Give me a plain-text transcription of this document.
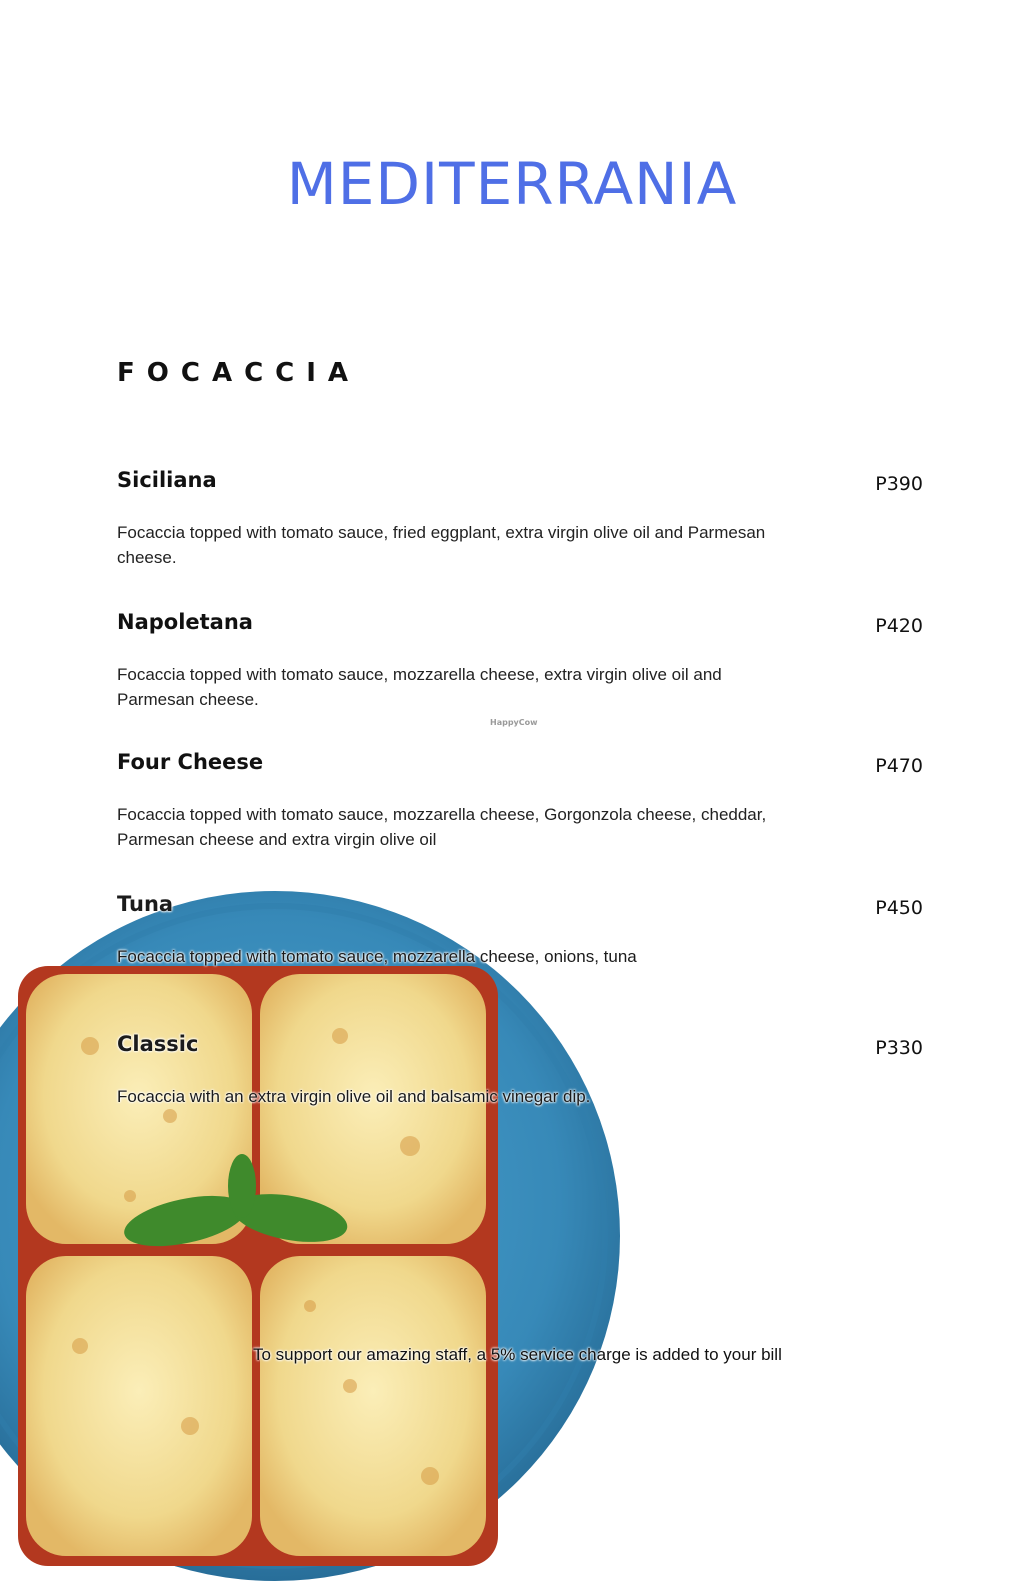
MEDITERRANIA
FOCACCIA
Siciliana	P390
Focaccia topped with tomato sauce, fried eggplant, extra virgin olive oil and Parmesan cheese.
Napoletana	P420
Focaccia topped with tomato sauce, mozzarella cheese, extra virgin olive oil and Parmesan cheese.
HappyCow
Four Cheese	P470
Focaccia topped with tomato sauce, mozzarella cheese, Gorgonzola cheese, cheddar, Parmesan cheese and extra virgin olive oil
Tuna	P450
Focaccia topped with tomato sauce, mozzarella cheese, onions, tuna
Classic	P330
Focaccia with an extra virgin olive oil and balsamic vinegar dip.
To support our amazing staff, a 5% service charge is added to your bill
